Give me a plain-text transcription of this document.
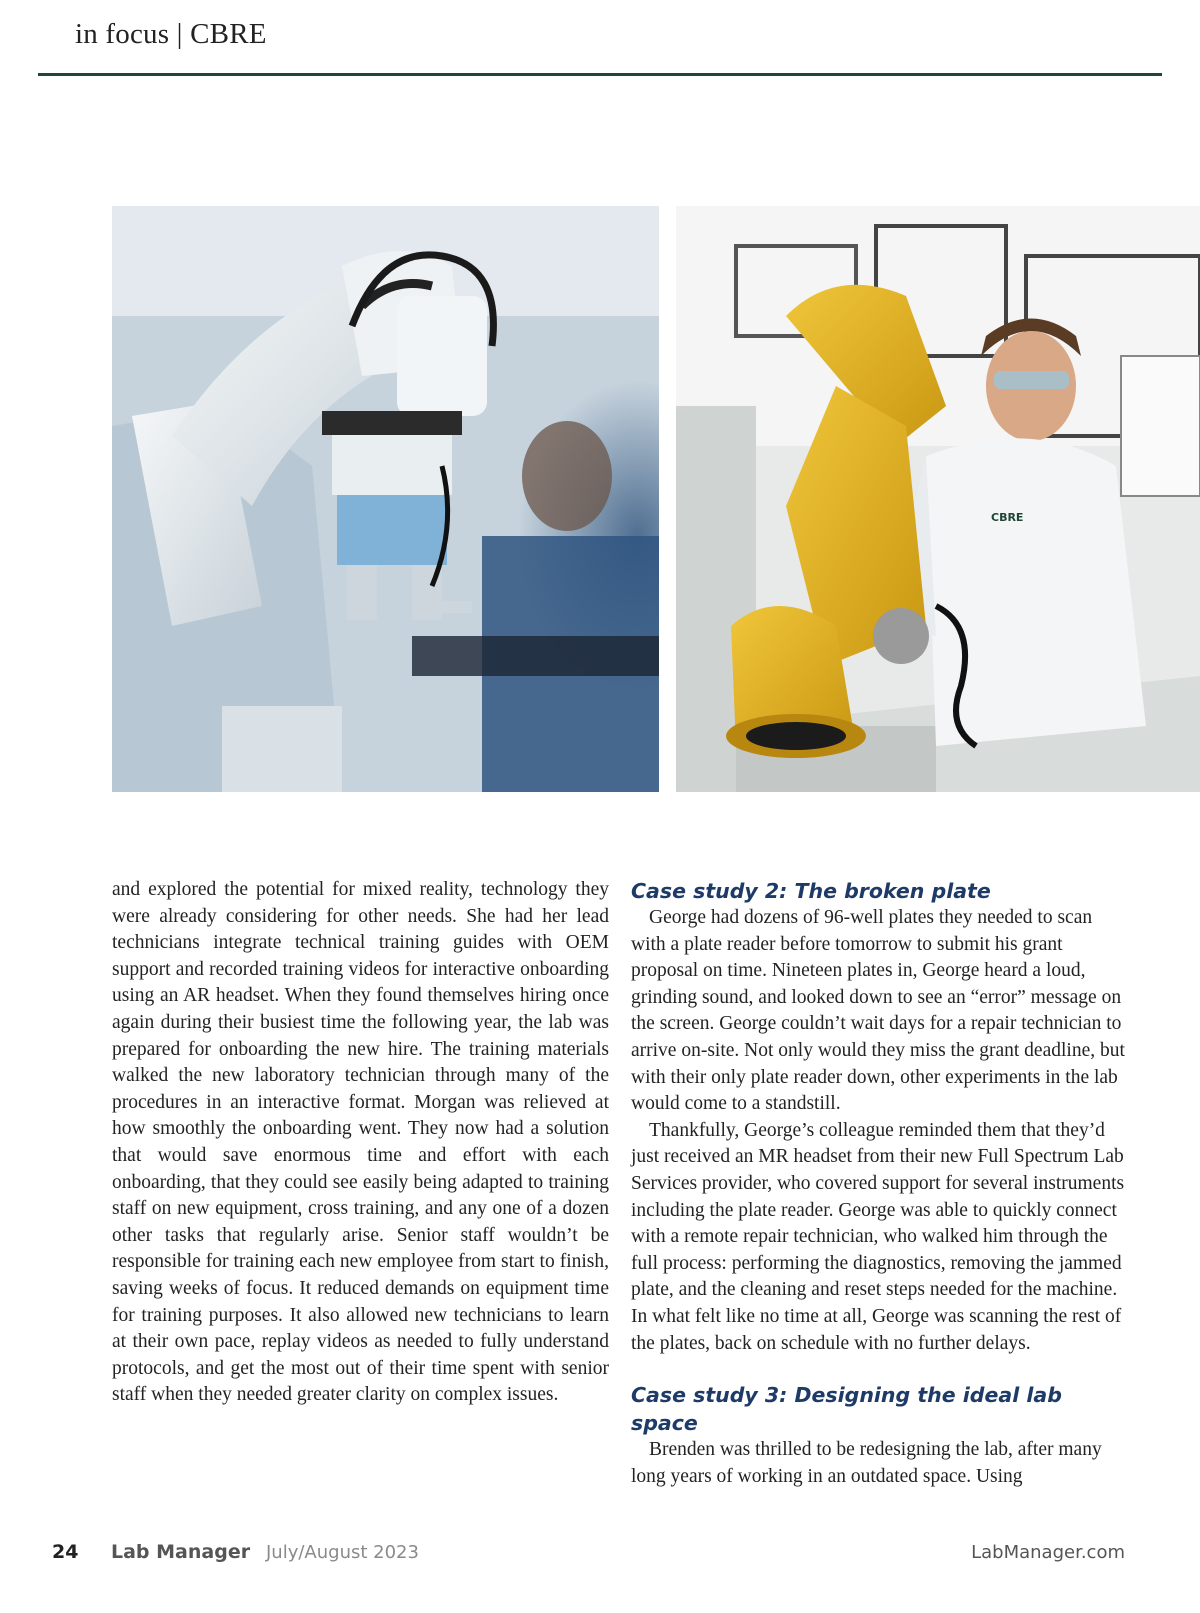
in focus | CBRE
CBRE

and explored the potential for mixed reality, technology they were already considering for other needs. She had her lead technicians integrate technical training guides with OEM support and recorded training videos for interactive onboarding using an AR headset. When they found themselves hiring once again during their busiest time the following year, the lab was prepared for onboarding the new hire. The training materials walked the new laboratory technician through many of the procedures in an interactive format. Morgan was relieved at how smoothly the onboarding went. They now had a solution that would save enormous time and effort with each onboarding, that they could see easily being adapted to training staff on new equipment, cross training, and any one of a dozen other tasks that regularly arise. Senior staff wouldn’t be responsible for training each new employee from start to finish, saving weeks of focus. It reduced demands on equipment time for training purposes. It also allowed new technicians to learn at their own pace, replay videos as needed to fully understand protocols, and get the most out of their time spent with senior staff when they needed greater clarity on complex issues.

Case study 2: The broken plate

George had dozens of 96-well plates they needed to scan with a plate reader before tomorrow to submit his grant proposal on time. Nineteen plates in, George heard a loud, grinding sound, and looked down to see an “error” message on the screen. George couldn’t wait days for a repair technician to arrive on-site. Not only would they miss the grant deadline, but with their only plate reader down, other experiments in the lab would come to a standstill.

Thankfully, George’s colleague reminded them that they’d just received an MR headset from their new Full Spectrum Lab Services provider, who covered support for several instruments including the plate reader. George was able to quickly connect with a remote repair technician, who walked him through the full process: performing the diagnostics, removing the jammed plate, and the cleaning and reset steps needed for the machine. In what felt like no time at all, George was scanning the rest of the plates, back on schedule with no further delays.

Case study 3: Designing the ideal lab space

Brenden was thrilled to be redesigning the lab, after many long years of working in an outdated space. Using

24 Lab Manager July/August 2023	LabManager.com
